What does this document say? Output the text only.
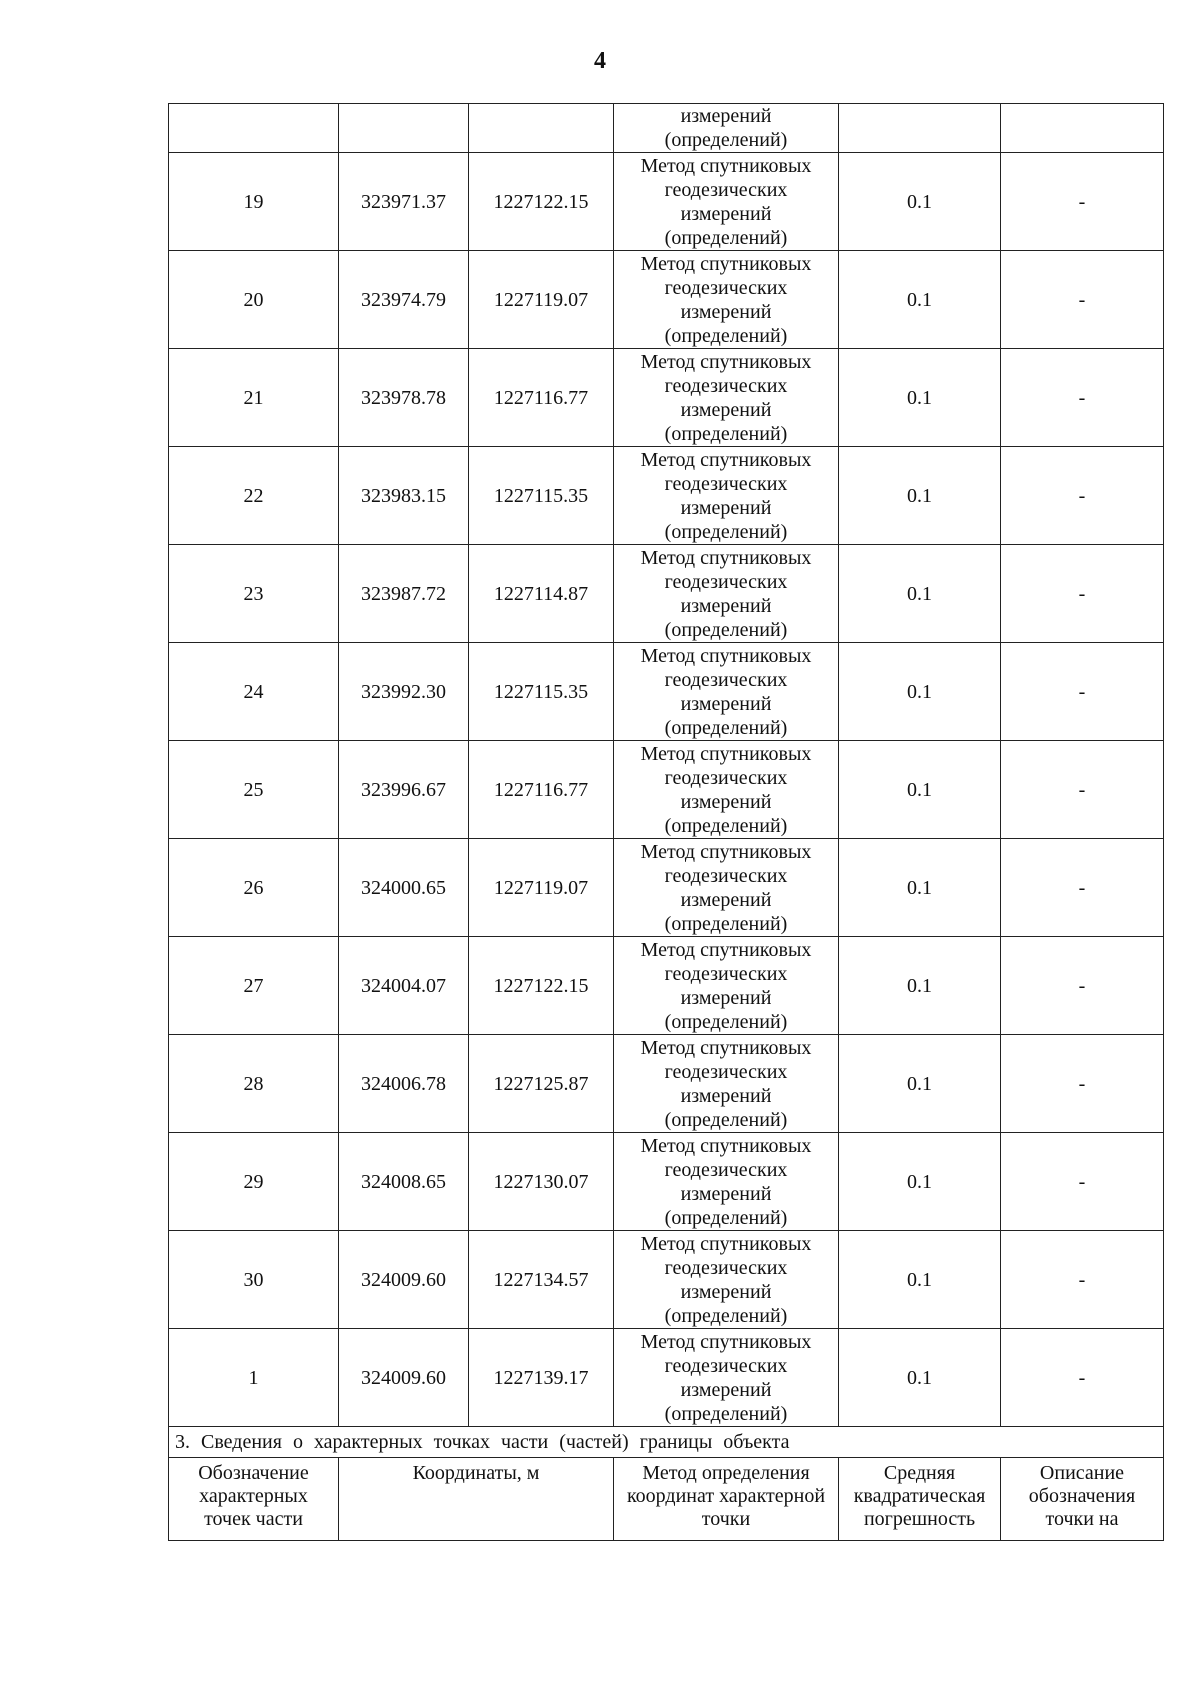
4
			измерений
(определений)		
19	323971.37	1227122.15	Метод спутниковых
геодезических
измерений
(определений)	0.1	-
20	323974.79	1227119.07	Метод спутниковых
геодезических
измерений
(определений)	0.1	-
21	323978.78	1227116.77	Метод спутниковых
геодезических
измерений
(определений)	0.1	-
22	323983.15	1227115.35	Метод спутниковых
геодезических
измерений
(определений)	0.1	-
23	323987.72	1227114.87	Метод спутниковых
геодезических
измерений
(определений)	0.1	-
24	323992.30	1227115.35	Метод спутниковых
геодезических
измерений
(определений)	0.1	-
25	323996.67	1227116.77	Метод спутниковых
геодезических
измерений
(определений)	0.1	-
26	324000.65	1227119.07	Метод спутниковых
геодезических
измерений
(определений)	0.1	-
27	324004.07	1227122.15	Метод спутниковых
геодезических
измерений
(определений)	0.1	-
28	324006.78	1227125.87	Метод спутниковых
геодезических
измерений
(определений)	0.1	-
29	324008.65	1227130.07	Метод спутниковых
геодезических
измерений
(определений)	0.1	-
30	324009.60	1227134.57	Метод спутниковых
геодезических
измерений
(определений)	0.1	-
1	324009.60	1227139.17	Метод спутниковых
геодезических
измерений
(определений)	0.1	-
3. Сведения о характерных точках части (частей) границы объекта					
Обозначение
характерных
точек части	Координаты, м		Метод определения
координат характерной
точки	Средняя
квадратическая
погрешность	Описание
обозначения
точки на
